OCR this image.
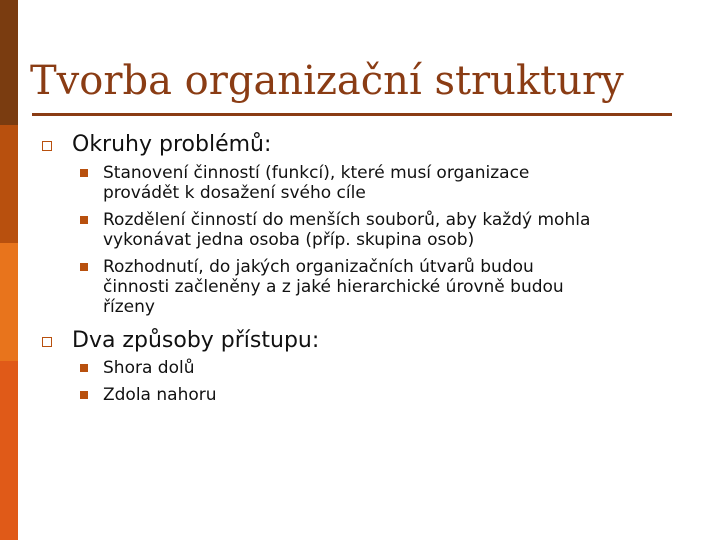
Tvorba organizační struktury
Okruhy problémů:
Stanovení činností (funkcí), které musí organizace
provádět k dosažení svého cíle
Rozdělení činností do menších souborů, aby každý mohla
vykonávat jedna osoba (příp. skupina osob)
Rozhodnutí, do jakých organizačních útvarů budou
činnosti začleněny a z jaké hierarchické úrovně budou
řízeny
Dva způsoby přístupu:
Shora dolů
Zdola nahoru
